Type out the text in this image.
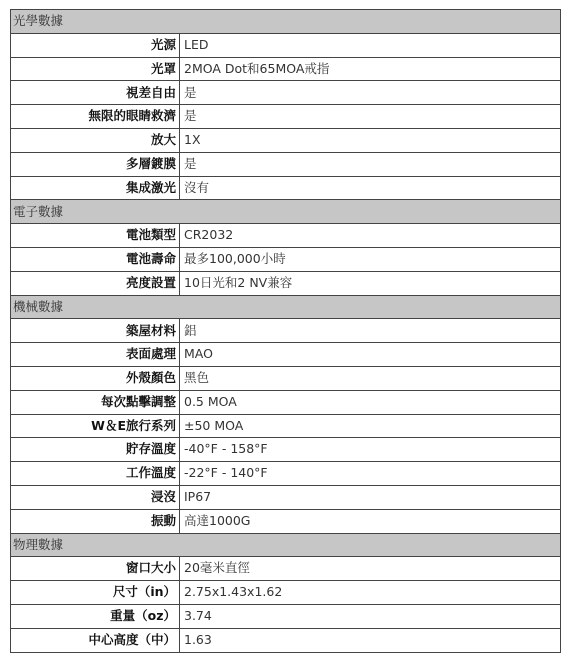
光學數據	
光源	LED
光罩	2MOA Dot和65MOA戒指
視差自由	是
無限的眼睛救濟	是
放大	1X
多層鍍膜	是
集成激光	沒有
電子數據	
電池類型	CR2032
電池壽命	最多100,000小時
亮度設置	10日光和2 NV兼容
機械數據	
築屋材料	鋁
表面處理	MAO
外殼顏色	黑色
每次點擊調整	0.5 MOA
W＆E旅行系列	±50 MOA
貯存溫度	-40°F - 158°F
工作溫度	-22°F - 140°F
浸沒	IP67
振動	高達1000G
物理數據	
窗口大小	20毫米直徑
尺寸（in）	2.75x1.43x1.62
重量（oz）	3.74
中心高度（中）	1.63
